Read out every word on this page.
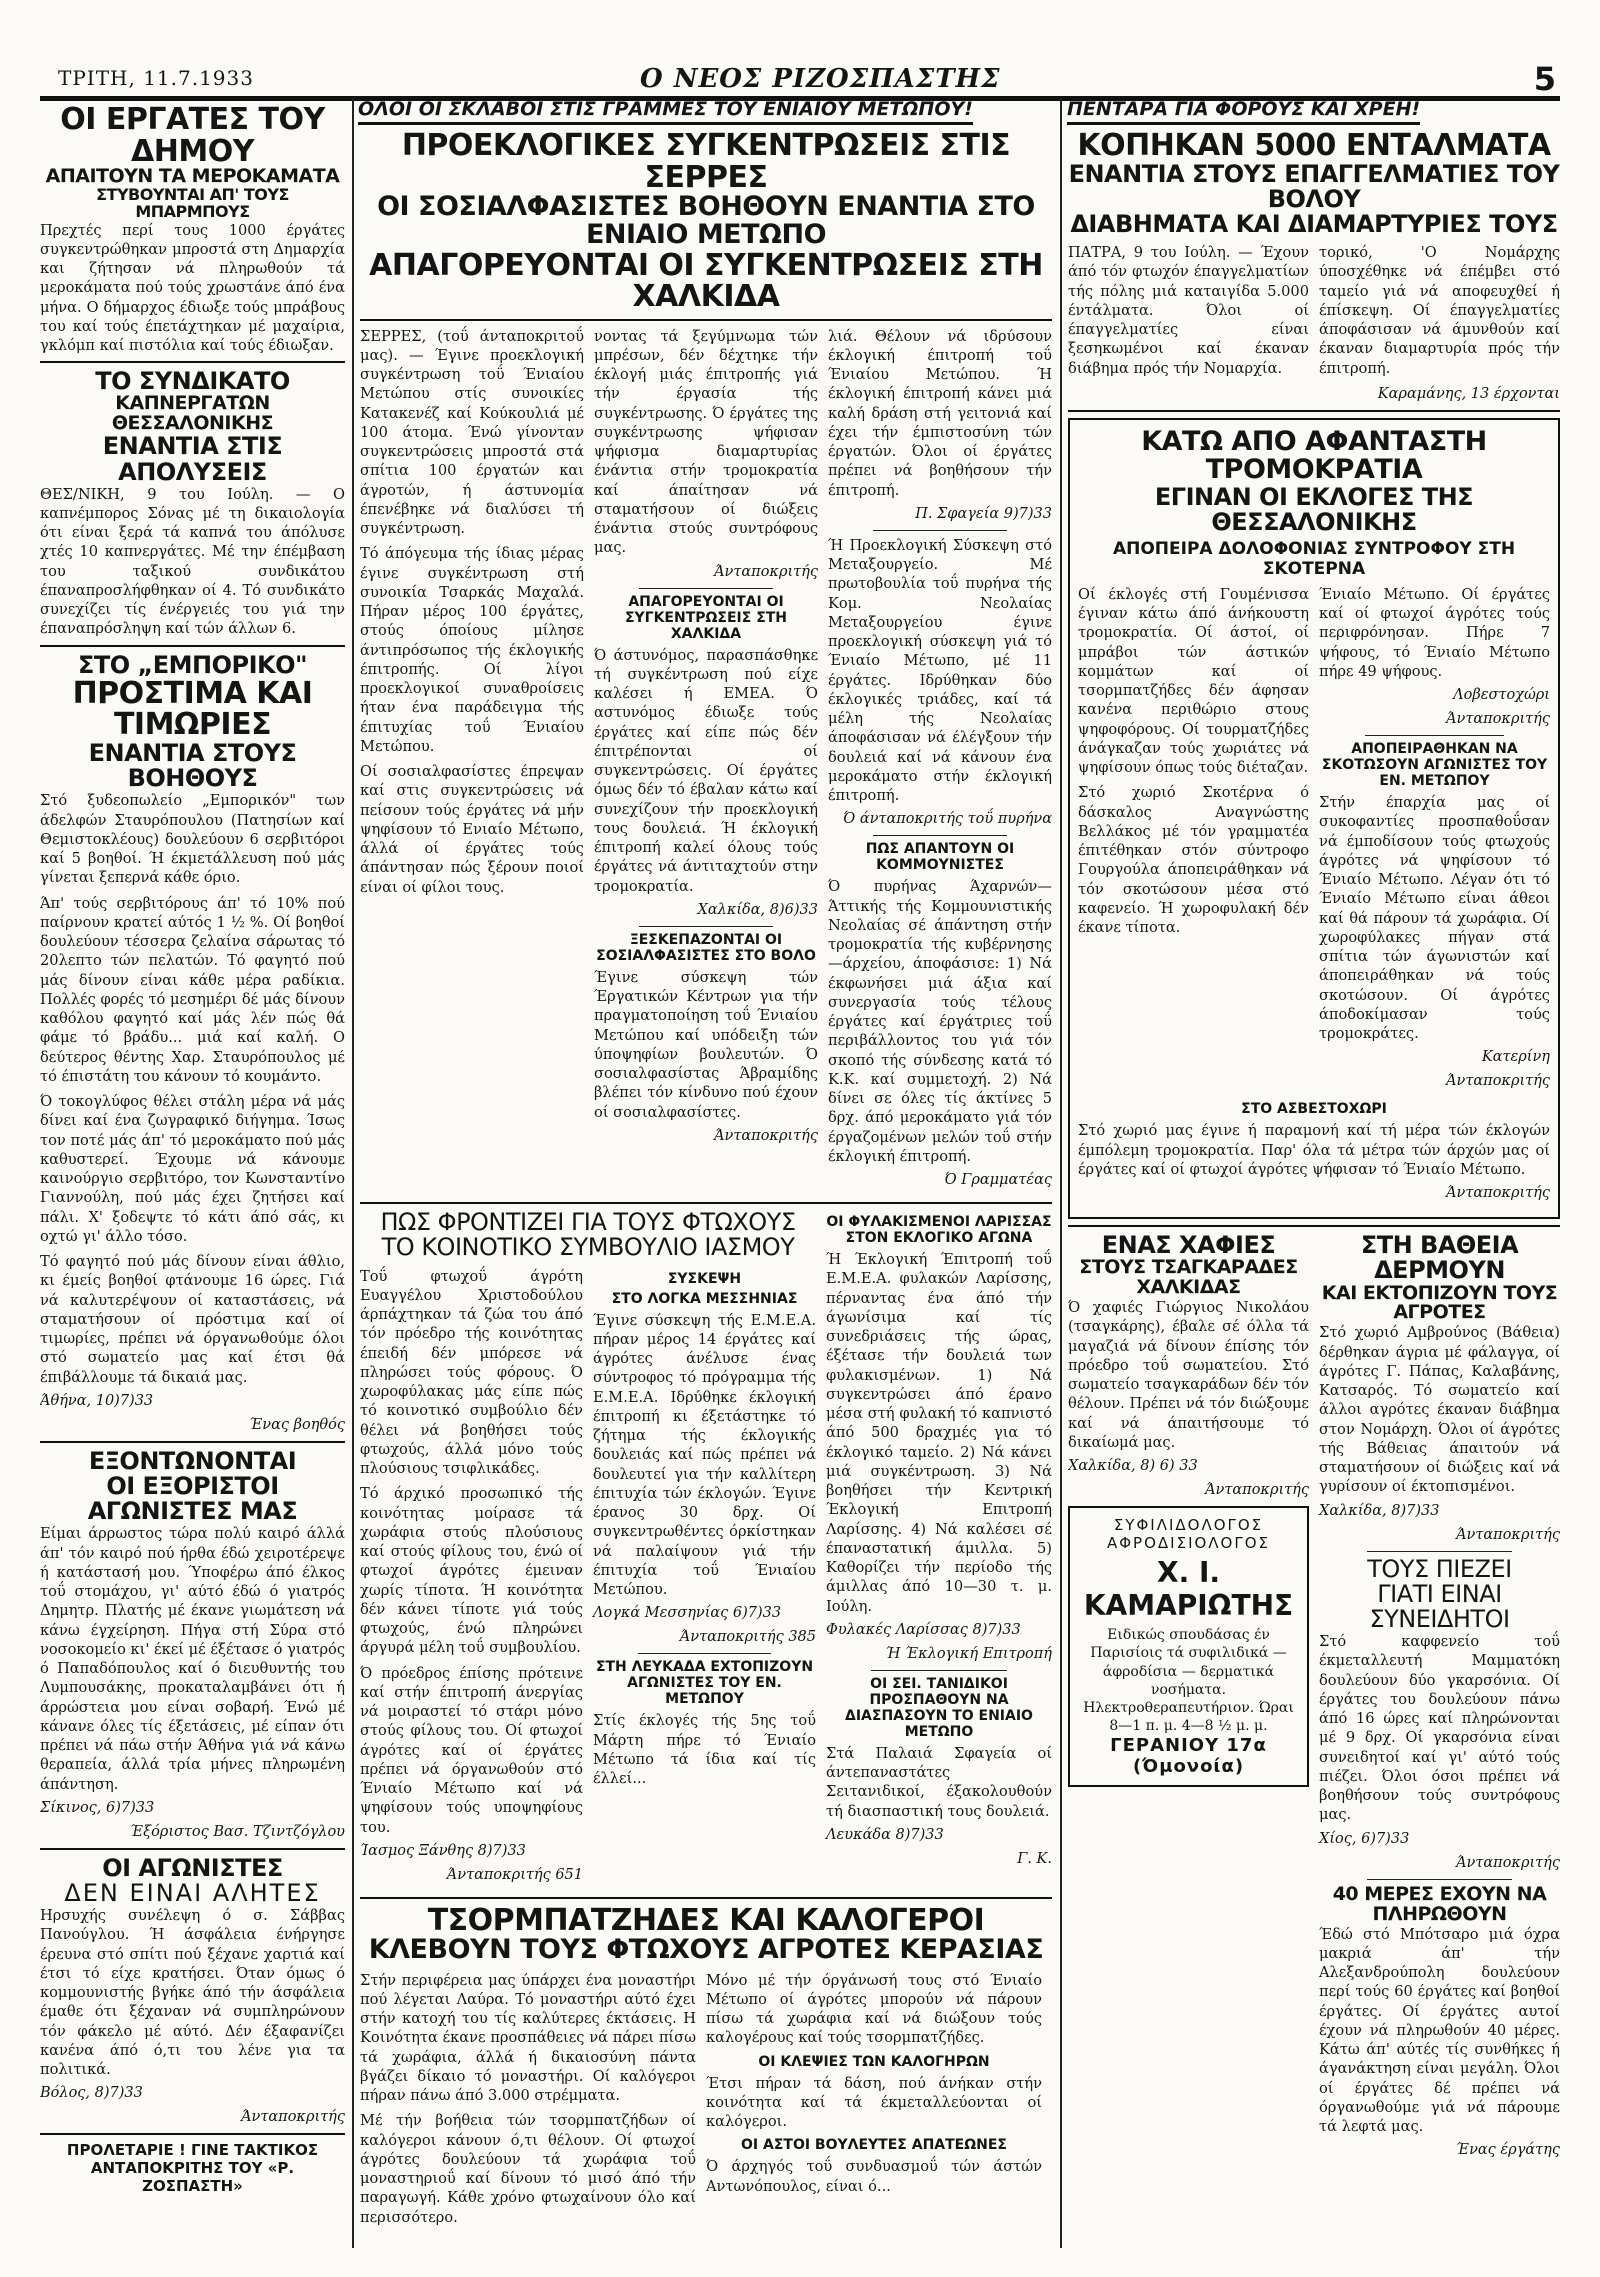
ΤΡΙΤΗ, 11.7.1933	Ο ΝΕΟΣ ΡΙΖΟΣΠΑΣΤΗΣ	5
ΟΛΟΙ ΟΙ ΣΚΛΑΒΟΙ ΣΤΙΣ ΓΡΑΜΜΕΣ ΤΟΥ ΕΝΙΑΙΟΥ ΜΕΤΩΠΟΥ!	ΠΕΝΤΑΡΑ ΓΙΑ ΦΟΡΟΥΣ ΚΑΙ ΧΡΕΗ!
ΟΙ ΕΡΓΑΤΕΣ ΤΟΥ ΔΗΜΟΥ
ΑΠΑΙΤΟΥΝ ΤΑ ΜΕΡΟΚΑΜΑΤΑ
ΣΤΥΒΟΥΝΤΑΙ ΑΠ' ΤΟΥΣ ΜΠΑΡΜΠΟΥΣ

Πρεχτές περί τους 1000 έργάτες συγκεντρώθηκαν μπροστά στη Δημαρχία και ζήτησαν νά πληρωθούν τά μεροκάματα πού τούς χρωστάνε άπό ένα μήνα. Ο δήμαρχος έδιωξε τούς μπράβους του καί τούς έπετάχτηκαν μέ μαχαίρια, γκλόμπ καί πιστόλια καί τούς έδιωξαν.

ΤΟ ΣΥΝΔΙΚΑΤΟ
ΚΑΠΝΕΡΓΑΤΩΝ ΘΕΣΣΑΛΟΝΙΚΗΣ
ΕΝΑΝΤΙΑ ΣΤΙΣ ΑΠΟΛΥΣΕΙΣ

ΘΕΣ/ΝΙΚΗ, 9 του Ιούλη. — Ο καπνέμπορος Σόνας μέ τη δικαιολογία ότι είναι ξερά τά καπνά του άπόλυσε χτές 10 καπνεργάτες. Μέ την έπέμβαση του ταξικού συνδικάτου έπαναπροσλήφθηκαν οί 4. Τό συνδικάτο συνεχίζει τίς ένέργειές του γιά την έπαναπρόσληψη καί τών άλλων 6.

ΣΤΟ „ΕΜΠΟΡΙΚΟ"
ΠΡΟΣΤΙΜΑ ΚΑΙ ΤΙΜΩΡΙΕΣ
ΕΝΑΝΤΙΑ ΣΤΟΥΣ ΒΟΗΘΟΥΣ

Στό ξυδεοπωλείο „Εμπορικόν" των άδελφών Σταυρόπουλου (Πατησίων καί Θεμιστοκλέους) δουλεύουν 6 σερβιτόροι καί 5 βοηθοί. Ή έκμετάλλευση πού μάς γίνεται ξεπερνά κάθε όριο.

Άπ' τούς σερβιτόρους άπ' τό 10% πού παίρνουν κρατεί αύτός 1 ½ %. Οί βοηθοί δουλεύουν τέσσερα ζελαίνα σάρωτας τό 20λεπτο τών πελατών. Τό φαγητό πού μάς δίνουν είναι κάθε μέρα ραδίκια. Πολλές φορές τό μεσημέρι δέ μάς δίνουν καθόλου φαγητό καί μάς λέν πώς θά φάμε τό βράδυ... μιά καί καλή. Ο δεύτερος θέντης Χαρ. Σταυρόπουλος μέ τό έπιστάτη του κάνουν τό κουμάντο.

Ό τοκογλύφος θέλει στάλη μέρα νά μάς δίνει καί ένα ζωγραφικό διήγημα. Ίσως τον ποτέ μάς άπ' τό μεροκάματο πού μάς καθυστερεί. Έχουμε νά κάνουμε καινούργιο σερβιτόρο, τον Κωνσταντίνο Γιαννούλη, πού μάς έχει ζητήσει καί πάλι. Χ' ξοδεψτε τό κάτι άπό σάς, κι οχτώ γι' άλλο τόσο.

Τό φαγητό πού μάς δίνουν είναι άθλιο, κι έμείς βοηθοί φτάνουμε 16 ώρες. Γιά νά καλυτερέψουν οί καταστάσεις, νά σταματήσουν οί πρόστιμα καί οί τιμωρίες, πρέπει νά όργανωθούμε όλοι στό σωματείο μας καί έτσι θά έπιβάλλουμε τά δικαιά μας.

Άθήνα, 10)7)33
Ένας βοηθός
ΕΞΟΝΤΩΝΟΝΤΑΙ
ΟΙ ΕΞΟΡΙΣΤΟΙ ΑΓΩΝΙΣΤΕΣ ΜΑΣ

Είμαι άρρωστος τώρα πολύ καιρό άλλά άπ' τόν καιρό πού ήρθα έδώ χειροτέρεψε ή κατάστασή μου. Ύποφέρω άπό έλκος τοΰ στομάχου, γι' αύτό έδώ ό γιατρός Δημητρ. Πλατής μέ έκανε γιωμάτεση νά κάνω έγχείρηση. Πήγα στή Σύρα στό νοσοκομείο κι' έκεί μέ έξέτασε ό γιατρός ό Παπαδόπουλος καί ό διευθυντής του Λυμπουσάκης, προκαταλαμβάνει ότι ή άρρώστεια μου είναι σοβαρή. Ένώ μέ κάνανε όλες τίς έξετάσεις, μέ είπαν ότι πρέπει νά πάω στήν Άθήνα γιά νά κάνω θεραπεία, άλλά τρία μήνες πληρωμένη άπάντηση.

Σίκινος, 6)7)33
Έξόριστος Βασ. Τζιντζόγλου
ΟΙ ΑΓΩΝΙΣΤΕΣ
ΔΕΝ ΕΙΝΑΙ ΑΛΗΤΕΣ

Ηρσυχής συνέλεψη ό σ. Σάββας Πανούγλου. Ή άσφάλεια ένήργησε έρευνα στό σπίτι πού ξέχανε χαρτιά καί έτσι τό είχε κρατήσει. Όταν όμως ό κομμουνιστής βγήκε άπό τήν άσφάλεια έμαθε ότι ξέχαναν νά συμπληρώνουν τόν φάκελο μέ αύτό. Δέν έξαφανίζει κανένα άπό ό,τι του λένε για τα πολιτικά.

Βόλος, 8)7)33
Άνταποκριτής
ΠΡΟΛΕΤΑΡΙΕ ! ΓΙΝΕ ΤΑΚΤΙΚΟΣ ΑΝΤΑΠΟΚΡΙΤΗΣ ΤΟΥ «Ρ. ΖΟΣΠΑΣΤΗ»
ΠΡΟΕΚΛΟΓΙΚΕΣ ΣΥΓΚΕΝΤΡΩΣΕΙΣ ΣΤΙΣ ΣΕΡΡΕΣ
ΟΙ ΣΟΣΙΑΛΦΑΣΙΣΤΕΣ ΒΟΗΘΟΥΝ ΕΝΑΝΤΙΑ ΣΤΟ ΕΝΙΑΙΟ ΜΕΤΩΠΟ
ΑΠΑΓΟΡΕΥΟΝΤΑΙ ΟΙ ΣΥΓΚΕΝΤΡΩΣΕΙΣ ΣΤΗ ΧΑΛΚΙΔΑ

ΣΕΡΡΕΣ, (τοΰ άνταποκριτοΰ μας). — Έγινε προεκλογική συγκέντρωση τοΰ Ένιαίου Μετώπου στίς συνοικίες Κατακενέζ καί Κούκουλιά μέ 100 άτομα. Ένώ γίνονταν συγκεντρώσεις μπροστά στά σπίτια 100 έργατών και άγροτών, ή άστυνομία έπενέβηκε νά διαλύσει τή συγκέντρωση.

Τό άπόγευμα τής ίδιας μέρας έγινε συγκέντρωση στή συνοικία Τσαρκάς Μαχαλά. Πήραν μέρος 100 έργάτες, στούς όποίους μίλησε άντιπρόσωπος τής έκλογικής έπιτροπής. Οί λίγοι προεκλογικοί συναθροίσεις ήταν ένα παράδειγμα τής έπιτυχίας τοΰ Ένιαίου Μετώπου.

Οί σοσιαλφασίστες έπρεψαν καί στις συγκεντρώσεις νά πείσουν τούς έργάτες νά μήν ψηφίσουν τό Ενιαίο Μέτωπο, άλλά οί έργάτες τούς άπάντησαν πώς ξέρουν ποιοί είναι οί φίλοι τους.

νοντας τά ξεγύμνωμα τών μπρέσων, δέν δέχτηκε τήν έκλογή μιάς έπιτροπής γιά τήν έργασία τής συγκέντρωσης. Ό έργάτες της συγκέντρωσης ψήφισαν ψήφισμα διαμαρτυρίας ένάντια στήν τρομοκρατία καί άπαίτησαν νά σταματήσουν οί διώξεις ένάντια στούς συντρόφους μας.

Άνταποκριτής
ΑΠΑΓΟΡΕΥΟΝΤΑΙ ΟΙ ΣΥΓΚΕΝΤΡΩΣΕΙΣ ΣΤΗ ΧΑΛΚΙΔΑ

Ό άστυνόμος, παρασπάσθηκε τή συγκέντρωση πού είχε καλέσει ή ΕΜΕΑ. Ό αστυνόμος έδιωξε τούς έργάτες καί είπε πώς δέν έπιτρέπονται οί συγκεντρώσεις. Οί έργάτες όμως δέν τό έβαλαν κάτω καί συνεχίζουν τήν προεκλογική τους δουλειά. Ή έκλογική έπιτροπή καλεί όλους τούς έργάτες νά άντιταχτούν στην τρομοκρατία.

Χαλκίδα, 8)6)33
ΞΕΣΚΕΠΑΖΟΝΤΑΙ ΟΙ ΣΟΣΙΑΛΦΑΣΙΣΤΕΣ ΣΤΟ ΒΟΛΟ

Έγινε σύσκεψη τών Έργατικών Κέντρων για τήν πραγματοποίηση τοΰ Ένιαίου Μετώπου καί υπόδειξη τών ύποψηφίων βουλευτών. Ό σοσιαλφασίστας Άβραμίδης βλέπει τόν κίνδυνο πού έχουν οί σοσιαλφασίστες.

Άνταποκριτής

λιά. Θέλουν νά ιδρύσουν έκλογική έπιτροπή τοΰ Ένιαίου Μετώπου. Ή έκλογική έπιτροπή κάνει μιά καλή δράση στή γειτονιά καί έχει τήν έμπιστοσύνη τών έργατών. Όλοι οί έργάτες πρέπει νά βοηθήσουν τήν έπιτροπή.

Π. Σφαγεία 9)7)33

Ή Προεκλογική Σύσκεψη στό Μεταξουργείο. Μέ πρωτοβουλία τοΰ πυρήνα τής Κομ. Νεολαίας Μεταξουργείου έγινε προεκλογική σύσκεψη γιά τό Ένιαίο Μέτωπο, μέ 11 έργάτες. Ιδρύθηκαν δύο έκλογικές τριάδες, καί τά μέλη τής Νεολαίας άποφάσισαν νά έλέγξουν τήν δουλειά καί νά κάνουν ένα μεροκάματο στήν έκλογική έπιτροπή.

Ό άνταποκριτής τοΰ πυρήνα
ΠΩΣ ΑΠΑΝΤΟΥΝ ΟΙ ΚΟΜΜΟΥΝΙΣΤΕΣ

Ό πυρήνας Άχαρνών—Άττικής τής Κομμουνιστικής Νεολαίας σέ άπάντηση στήν τρομοκρατία τής κυβέρνησης—άρχείου, άποφάσισε: 1) Νά έκφωνήσει μιά άξια καί συνεργασία τούς τέλους έργάτες καί έργάτριες τοΰ περιβάλλοντος του γιά τόν σκοπό τής σύνδεσης κατά τό Κ.Κ. καί συμμετοχή. 2) Νά δίνει σε όλες τίς άκτίνες 5 δρχ. άπό μεροκάματο γιά τόν έργαζομένων μελών τοΰ στήν έκλογική έπιτροπή.

Ό Γραμματέας
ΠΩΣ ΦΡΟΝΤΙΖΕΙ ΓΙΑ ΤΟΥΣ ΦΤΩΧΟΥΣ
ΤΟ ΚΟΙΝΟΤΙΚΟ ΣΥΜΒΟΥΛΙΟ ΙΑΣΜΟΥ

Τοΰ φτωχοΰ άγρότη Ευαγγέλου Χριστοδούλου άρπάχτηκαν τά ζώα του άπό τόν πρόεδρο τής κοινότητας έπειδή δέν μπόρεσε νά πληρώσει τούς φόρους. Ό χωροφύλακας μάς είπε πώς τό κοινοτικό συμβούλιο δέν θέλει νά βοηθήσει τούς φτωχούς, άλλά μόνο τούς πλούσιους τσιφλικάδες.

Τό άρχικό προσωπικό τής κοινότητας μοίρασε τά χωράφια στούς πλούσιους καί στούς φίλους του, ένώ οί φτωχοί άγρότες έμειναν χωρίς τίποτα. Ή κοινότητα δέν κάνει τίποτε γιά τούς φτωχούς, ένώ πληρώνει άργυρά μέλη τοΰ συμβουλίου.

Ό πρόεδρος έπίσης πρότεινε καί στήν έπιτροπή άνεργίας νά μοιραστεί τό στάρι μόνο στούς φίλους του. Οί φτωχοί άγρότες καί οί έργάτες πρέπει νά όργανωθούν στό Ένιαίο Μέτωπο καί νά ψηφίσουν τούς υποψηφίους του.

Ίασμος Ξάνθης 8)7)33
Άνταποκριτής 651
ΣΥΣΚΕΨΗ
ΣΤΟ ΛΟΓΚΑ ΜΕΣΣΗΝΙΑΣ

Έγινε σύσκεψη τής Ε.Μ.Ε.Α. πήραν μέρος 14 έργάτες καί άγρότες άνέλυσε ένας σύντροφος τό πρόγραμμα τής Ε.Μ.Ε.Α. Ιδρύθηκε έκλογική έπιτροπή κι έξετάστηκε τό ζήτημα τής έκλογικής δουλειάς καί πώς πρέπει νά δουλευτεί για τήν καλλίτερη έπιτυχία τών έκλογών. Έγινε έρανος 30 δρχ. Οί συγκεντρωθέντες όρκίστηκαν νά παλαίψουν γιά τήν έπιτυχία τοΰ Ένιαίου Μετώπου.

Λογκά Μεσσηνίας 6)7)33
Άνταποκριτής 385
ΣΤΗ ΛΕΥΚΑΔΑ ΕΧΤΟΠΙΖΟΥΝ ΑΓΩΝΙΣΤΕΣ ΤΟΥ ΕΝ. ΜΕΤΩΠΟΥ

Στίς έκλογές τής 5ης τοΰ Μάρτη πήρε τό Ένιαίο Μέτωπο τά ίδια καί τίς έλλεί...

ΟΙ ΦΥΛΑΚΙΣΜΕΝΟΙ ΛΑΡΙΣΣΑΣ ΣΤΟΝ ΕΚΛΟΓΙΚΟ ΑΓΩΝΑ

Ή Έκλογική Έπιτροπή τοΰ Ε.Μ.Ε.Α. φυλακών Λαρίσσης, πέρναντας ένα άπό τήν άγωνίσιμα καί τίς συνεδριάσεις τής ώρας, έξέτασε τήν δουλειά των φυλακισμένων. 1) Νά συγκεντρώσει άπό έρανο μέσα στή φυλακή τό καπνιστό άπό 500 δραχμές για τό έκλογικό ταμείο. 2) Νά κάνει μιά συγκέντρωση. 3) Νά βοηθήσει τήν Κεντρική Έκλογική Επιτροπή Λαρίσσης. 4) Νά καλέσει σέ έπαναστατική άμιλλα. 5) Καθορίζει τήν περίοδο τής άμιλλας άπό 10—30 τ. μ. Ιούλη.

Φυλακές Λαρίσσας 8)7)33
Ή Έκλογική Επιτροπή
ΟΙ ΣΕΙ. ΤΑΝΙΔΙΚΟΙ ΠΡΟΣΠΑΘΟΥΝ ΝΑ ΔΙΑΣΠΑΣΟΥΝ ΤΟ ΕΝΙΑΙΟ ΜΕΤΩΠΟ

Στά Παλαιά Σφαγεία οί άντεπαναστάτες Σειτανιδικοί, έξακολουθούν τή διασπαστική τους δουλειά.

Λευκάδα 8)7)33
Γ. Κ.
ΤΣΟΡΜΠΑΤΖΗΔΕΣ ΚΑΙ ΚΑΛΟΓΕΡΟΙ
ΚΛΕΒΟΥΝ ΤΟΥΣ ΦΤΩΧΟΥΣ ΑΓΡΟΤΕΣ ΚΕΡΑΣΙΑΣ

Στήν περιφέρεια μας ύπάρχει ένα μοναστήρι πού λέγεται Λαύρα. Τό μοναστήρι αύτό έχει στήν κατοχή του τίς καλύτερες έκτάσεις. Η Κοινότητα έκανε προσπάθειες νά πάρει πίσω τά χωράφια, άλλά ή δικαιοσύνη πάντα βγάζει δίκαιο τό μοναστήρι. Οί καλόγεροι πήραν πάνω άπό 3.000 στρέμματα.

Μέ τήν βοήθεια τών τσορμπατζήδων οί καλόγεροι κάνουν ό,τι θέλουν. Οί φτωχοί άγρότες δουλεύουν τά χωράφια τοΰ μοναστηριοΰ καί δίνουν τό μισό άπό τήν παραγωγή. Κάθε χρόνο φτωχαίνουν όλο καί περισσότερο.

Μόνο μέ τήν όργάνωσή τους στό Ένιαίο Μέτωπο οί άγρότες μπορούν νά πάρουν πίσω τά χωράφια καί νά διώξουν τούς καλογέρους καί τούς τσορμπατζήδες.

ΟΙ ΚΛΕΨΙΕΣ ΤΩΝ ΚΑΛΟΓΗΡΩΝ

Έτσι πήραν τά δάση, πού άνήκαν στήν κοινότητα καί τά έκμεταλλεύονται οί καλόγεροι.

ΟΙ ΑΣΤΟΙ ΒΟΥΛΕΥΤΕΣ ΑΠΑΤΕΩΝΕΣ

Ό άρχηγός τοΰ συνδυασμοΰ τών άστών Αντωνόπουλος, είναι ό...

ΚΟΠΗΚΑΝ 5000 ΕΝΤΑΛΜΑΤΑ
ΕΝΑΝΤΙΑ ΣΤΟΥΣ ΕΠΑΓΓΕΛΜΑΤΙΕΣ ΤΟΥ ΒΟΛΟΥ
ΔΙΑΒΗΜΑΤΑ ΚΑΙ ΔΙΑΜΑΡΤΥΡΙΕΣ ΤΟΥΣ

ΠΑΤΡΑ, 9 του Ιούλη. — Έχουν άπό τόν φτωχόν έπαγγελματίων τής πόλης μιά καταιγίδα 5.000 έντάλματα. Όλοι οί έπαγγελματίες είναι ξεσηκωμένοι καί έκαναν διάβημα πρός τήν Νομαρχία.

τορικό, 'Ο Νομάρχης ύποσχέθηκε νά έπέμβει στό ταμείο γιά νά αποφευχθεί ή έπίσκεψη. Οί έπαγγελματίες άποφάσισαν νά άμυνθούν καί έκαναν διαμαρτυρία πρός τήν έπιτροπή.

Καραμάνης, 13 έρχονται
ΚΑΤΩ ΑΠΟ ΑΦΑΝΤΑΣΤΗ ΤΡΟΜΟΚΡΑΤΙΑ
ΕΓΙΝΑΝ ΟΙ ΕΚΛΟΓΕΣ ΤΗΣ ΘΕΣΣΑΛΟΝΙΚΗΣ
ΑΠΟΠΕΙΡΑ ΔΟΛΟΦΟΝΙΑΣ ΣΥΝΤΡΟΦΟΥ ΣΤΗ ΣΚΟΤΕΡΝΑ

Οί έκλογές στή Γουμένισσα έγιναν κάτω άπό άνήκουστη τρομοκρατία. Οί άστοί, οί μπράβοι τών άστικών κομμάτων καί οί τσορμπατζήδες δέν άφησαν κανένα περιθώριο στους ψηφοφόρους. Οί τουρματζήδες άνάγκαζαν τούς χωριάτες νά ψηφίσουν όπως τούς διέταζαν.

Στό χωριό Σκοτέρνα ό δάσκαλος Αναγνώστης Βελλάκος μέ τόν γραμματέα έπιτέθηκαν στόν σύντροφο Γουργούλα άποπειράθηκαν νά τόν σκοτώσουν μέσα στό καφενείο. Ή χωροφυλακή δέν έκανε τίποτα.

Ένιαίο Μέτωπο. Οί έργάτες καί οί φτωχοί άγρότες τούς περιφρόνησαν. Πήρε 7 ψήφους, τό Ένιαίο Μέτωπο πήρε 49 ψήφους.

Λοβεστοχώρι
Άνταποκριτής
ΑΠΟΠΕΙΡΑΘΗΚΑΝ ΝΑ ΣΚΟΤΩΣΟΥΝ ΑΓΩΝΙΣΤΕΣ ΤΟΥ ΕΝ. ΜΕΤΩΠΟΥ

Στήν έπαρχία μας οί συκοφαντίες προσπαθοΰσαν νά έμποδίσουν τούς φτωχούς άγρότες νά ψηφίσουν τό Ένιαίο Μέτωπο. Λέγαν ότι τό Ένιαίο Μέτωπο είναι άθεοι καί θά πάρουν τά χωράφια. Οί χωροφύλακες πήγαν στά σπίτια τών άγωνιστών καί άποπειράθηκαν νά τούς σκοτώσουν. Οί άγρότες άποδοκίμασαν τούς τρομοκράτες.

Κατερίνη
Άνταποκριτής
ΣΤΟ ΑΣΒΕΣΤΟΧΩΡΙ

Στό χωριό μας έγινε ή παραμονή καί τή μέρα τών έκλογών έμπόλεμη τρομοκρατία. Παρ' όλα τά μέτρα τών άρχών μας οί έργάτες καί οί φτωχοί άγρότες ψήφισαν τό Ένιαίο Μέτωπο.

Άνταποκριτής
ΕΝΑΣ ΧΑΦΙΕΣ
ΣΤΟΥΣ ΤΣΑΓΚΑΡΑΔΕΣ ΧΑΛΚΙΔΑΣ

Ό χαφιές Γιώργιος Νικολάου (τσαγκάρης), έβαλε σέ όλλα τά μαγαζιά νά δίνουν έπίσης τόν πρόεδρο τοΰ σωματείου. Στό σωματείο τσαγκαράδων δέν τόν θέλουν. Πρέπει νά τόν διώξουμε καί νά άπαιτήσουμε τό δικαίωμά μας.

Χαλκίδα, 8) 6) 33
Άνταποκριτής
ΣΥΦΙΛΙΔΟΛΟΓΟΣ ΑΦΡΟΔΙΣΙΟΛΟΓΟΣ
Χ. Ι. ΚΑΜΑΡΙΩΤΗΣ
Ειδικώς σπουδάσας έν Παρισίοις τά συφιλιδικά — άφροδίσια — δερματικά νοσήματα. Ηλεκτροθεραπευτήριον. Ώραι 8—1 π. μ. 4—8 ½ μ. μ.
ΓΕΡΑΝΙΟΥ 17α (Όμονοία)
ΣΤΗ ΒΑΘΕΙΑ ΔΕΡΜΟΥΝ
ΚΑΙ ΕΚΤΟΠΙΖΟΥΝ ΤΟΥΣ ΑΓΡΟΤΕΣ

Στό χωριό Αμβρούνος (Βάθεια) δέρθηκαν άγρια μέ φάλαγγα, οί άγρότες Γ. Πάπας, Καλαβάνης, Κατσαρός. Τό σωματείο καί άλλοι αγρότες έκαναν διάβημα στον Νομάρχη. Όλοι οί άγρότες τής Βάθειας άπαιτούν νά σταματήσουν οί διώξεις καί νά γυρίσουν οί έκτοπισμένοι.

Χαλκίδα, 8)7)33
Άνταποκριτής
ΤΟΥΣ ΠΙΕΖΕΙ
ΓΙΑΤΙ ΕΙΝΑΙ ΣΥΝΕΙΔΗΤΟΙ

Στό καφφενείο τοΰ έκμεταλλευτή Μαμματόκη δουλεύουν δύο γκαρσόνια. Οί έργάτες του δουλεύουν πάνω άπό 16 ώρες καί πληρώνονται μέ 9 δρχ. Οί γκαρσόνια είναι συνειδητοί καί γι' αύτό τούς πιέζει. Όλοι όσοι πρέπει νά βοηθήσουν τούς συντρόφους μας.

Χίος, 6)7)33
Άνταποκριτής
40 ΜΕΡΕΣ ΕΧΟΥΝ ΝΑ ΠΛΗΡΩΘΟΥΝ

Έδώ στό Μπότσαρο μιά όχρα μακριά άπ' τήν Αλεξανδρούπολη δουλεύουν περί τούς 60 έργάτες καί βοηθοί έργάτες. Οί έργάτες αυτοί έχουν νά πληρωθούν 40 μέρες. Κάτω άπ' αύτές τίς συνθήκες ή άγανάκτηση είναι μεγάλη. Όλοι οί έργάτες δέ πρέπει νά όργανωθούμε γιά νά πάρουμε τά λεφτά μας.

Ένας έργάτης
